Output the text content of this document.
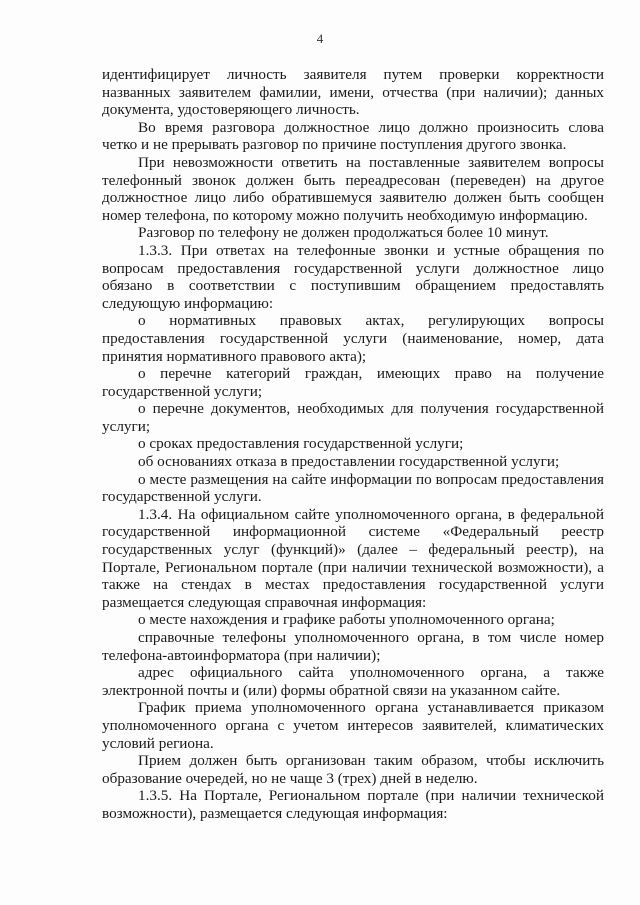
4

идентифицирует личность заявителя путем проверки корректности названных заявителем фамилии, имени, отчества (при наличии); данных документа, удостоверяющего личность.

Во время разговора должностное лицо должно произносить слова четко и не прерывать разговор по причине поступления другого звонка.

При невозможности ответить на поставленные заявителем вопросы телефонный звонок должен быть переадресован (переведен) на другое должностное лицо либо обратившемуся заявителю должен быть сообщен номер телефона, по которому можно получить необходимую информацию.

Разговор по телефону не должен продолжаться более 10 минут.

1.3.3. При ответах на телефонные звонки и устные обращения по вопросам предоставления государственной услуги должностное лицо обязано в соответствии с поступившим обращением предоставлять следующую информацию:

о нормативных правовых актах, регулирующих вопросы предоставления государственной услуги (наименование, номер, дата принятия нормативного правового акта);

о перечне категорий граждан, имеющих право на получение государственной услуги;

о перечне документов, необходимых для получения государственной услуги;

о сроках предоставления государственной услуги;

об основаниях отказа в предоставлении государственной услуги;

о месте размещения на сайте информации по вопросам предоставления государственной услуги.

1.3.4. На официальном сайте уполномоченного органа, в федеральной государственной информационной системе «Федеральный реестр государственных услуг (функций)» (далее – федеральный реестр), на Портале, Региональном портале (при наличии технической возможности), а также на стендах в местах предоставления государственной услуги размещается следующая справочная информация:

о месте нахождения и графике работы уполномоченного органа;

справочные телефоны уполномоченного органа, в том числе номер телефона-автоинформатора (при наличии);

адрес официального сайта уполномоченного органа, а также электронной почты и (или) формы обратной связи на указанном сайте.

График приема уполномоченного органа устанавливается приказом уполномоченного органа с учетом интересов заявителей, климатических условий региона.

Прием должен быть организован таким образом, чтобы исключить образование очередей, но не чаще 3 (трех) дней в неделю.

1.3.5. На Портале, Региональном портале (при наличии технической возможности), размещается следующая информация:
